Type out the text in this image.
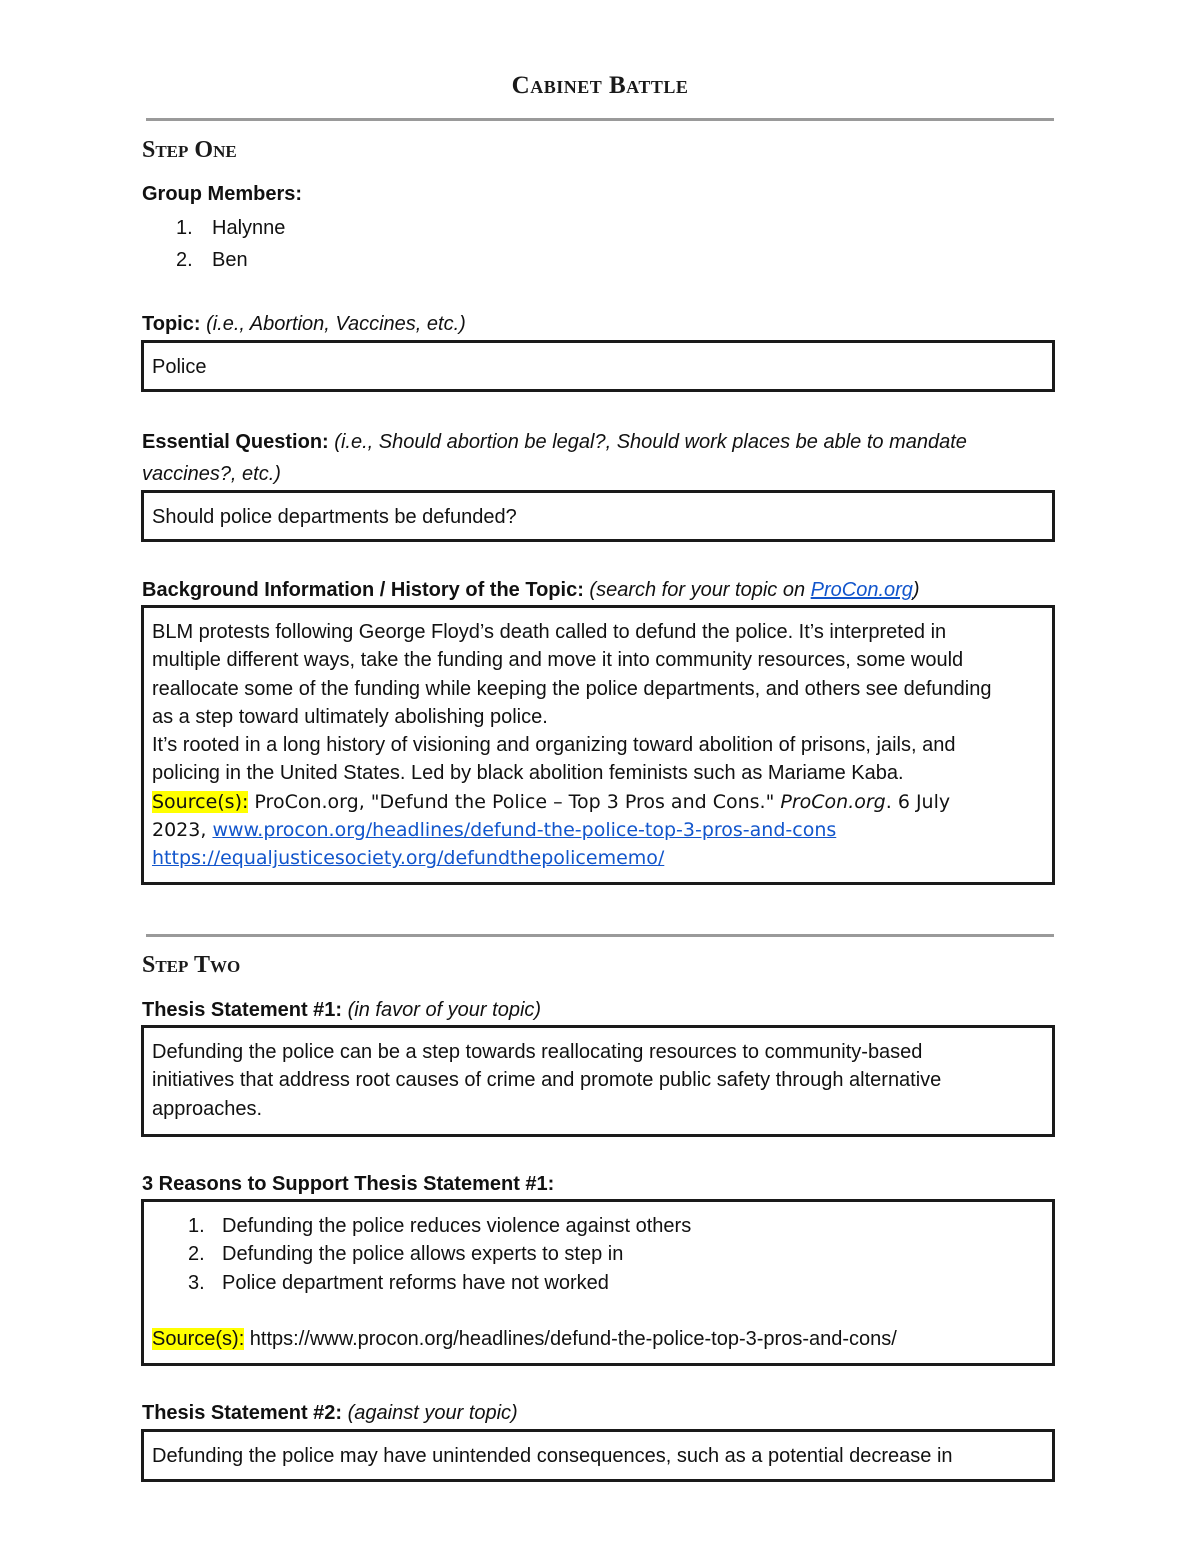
Cabinet Battle
Step One
Group Members:
1. Halynne
2. Ben
Topic: (i.e., Abortion, Vaccines, etc.)
Police
Essential Question: (i.e., Should abortion be legal?, Should work places be able to mandate
vaccines?, etc.)
Should police departments be defunded?
Background Information / History of the Topic: (search for your topic on ProCon.org)
BLM protests following George Floyd’s death called to defund the police. It’s interpreted in
multiple different ways, take the funding and move it into community resources, some would
reallocate some of the funding while keeping the police departments, and others see defunding
as a step toward ultimately abolishing police.
It’s rooted in a long history of visioning and organizing toward abolition of prisons, jails, and
policing in the United States. Led by black abolition feminists such as Mariame Kaba.
Source(s): ProCon.org, "Defund the Police – Top 3 Pros and Cons." ProCon.org. 6 July
2023, www.procon.org/headlines/defund-the-police-top-3-pros-and-cons
https://equaljusticesociety.org/defundthepolicememo/
Step Two
Thesis Statement #1: (in favor of your topic)
Defunding the police can be a step towards reallocating resources to community-based
initiatives that address root causes of crime and promote public safety through alternative
approaches.
3 Reasons to Support Thesis Statement #1:
1. Defunding the police reduces violence against others
2. Defunding the police allows experts to step in
3. Police department reforms have not worked
Source(s): https://www.procon.org/headlines/defund-the-police-top-3-pros-and-cons/
Thesis Statement #2: (against your topic)
Defunding the police may have unintended consequences, such as a potential decrease in
